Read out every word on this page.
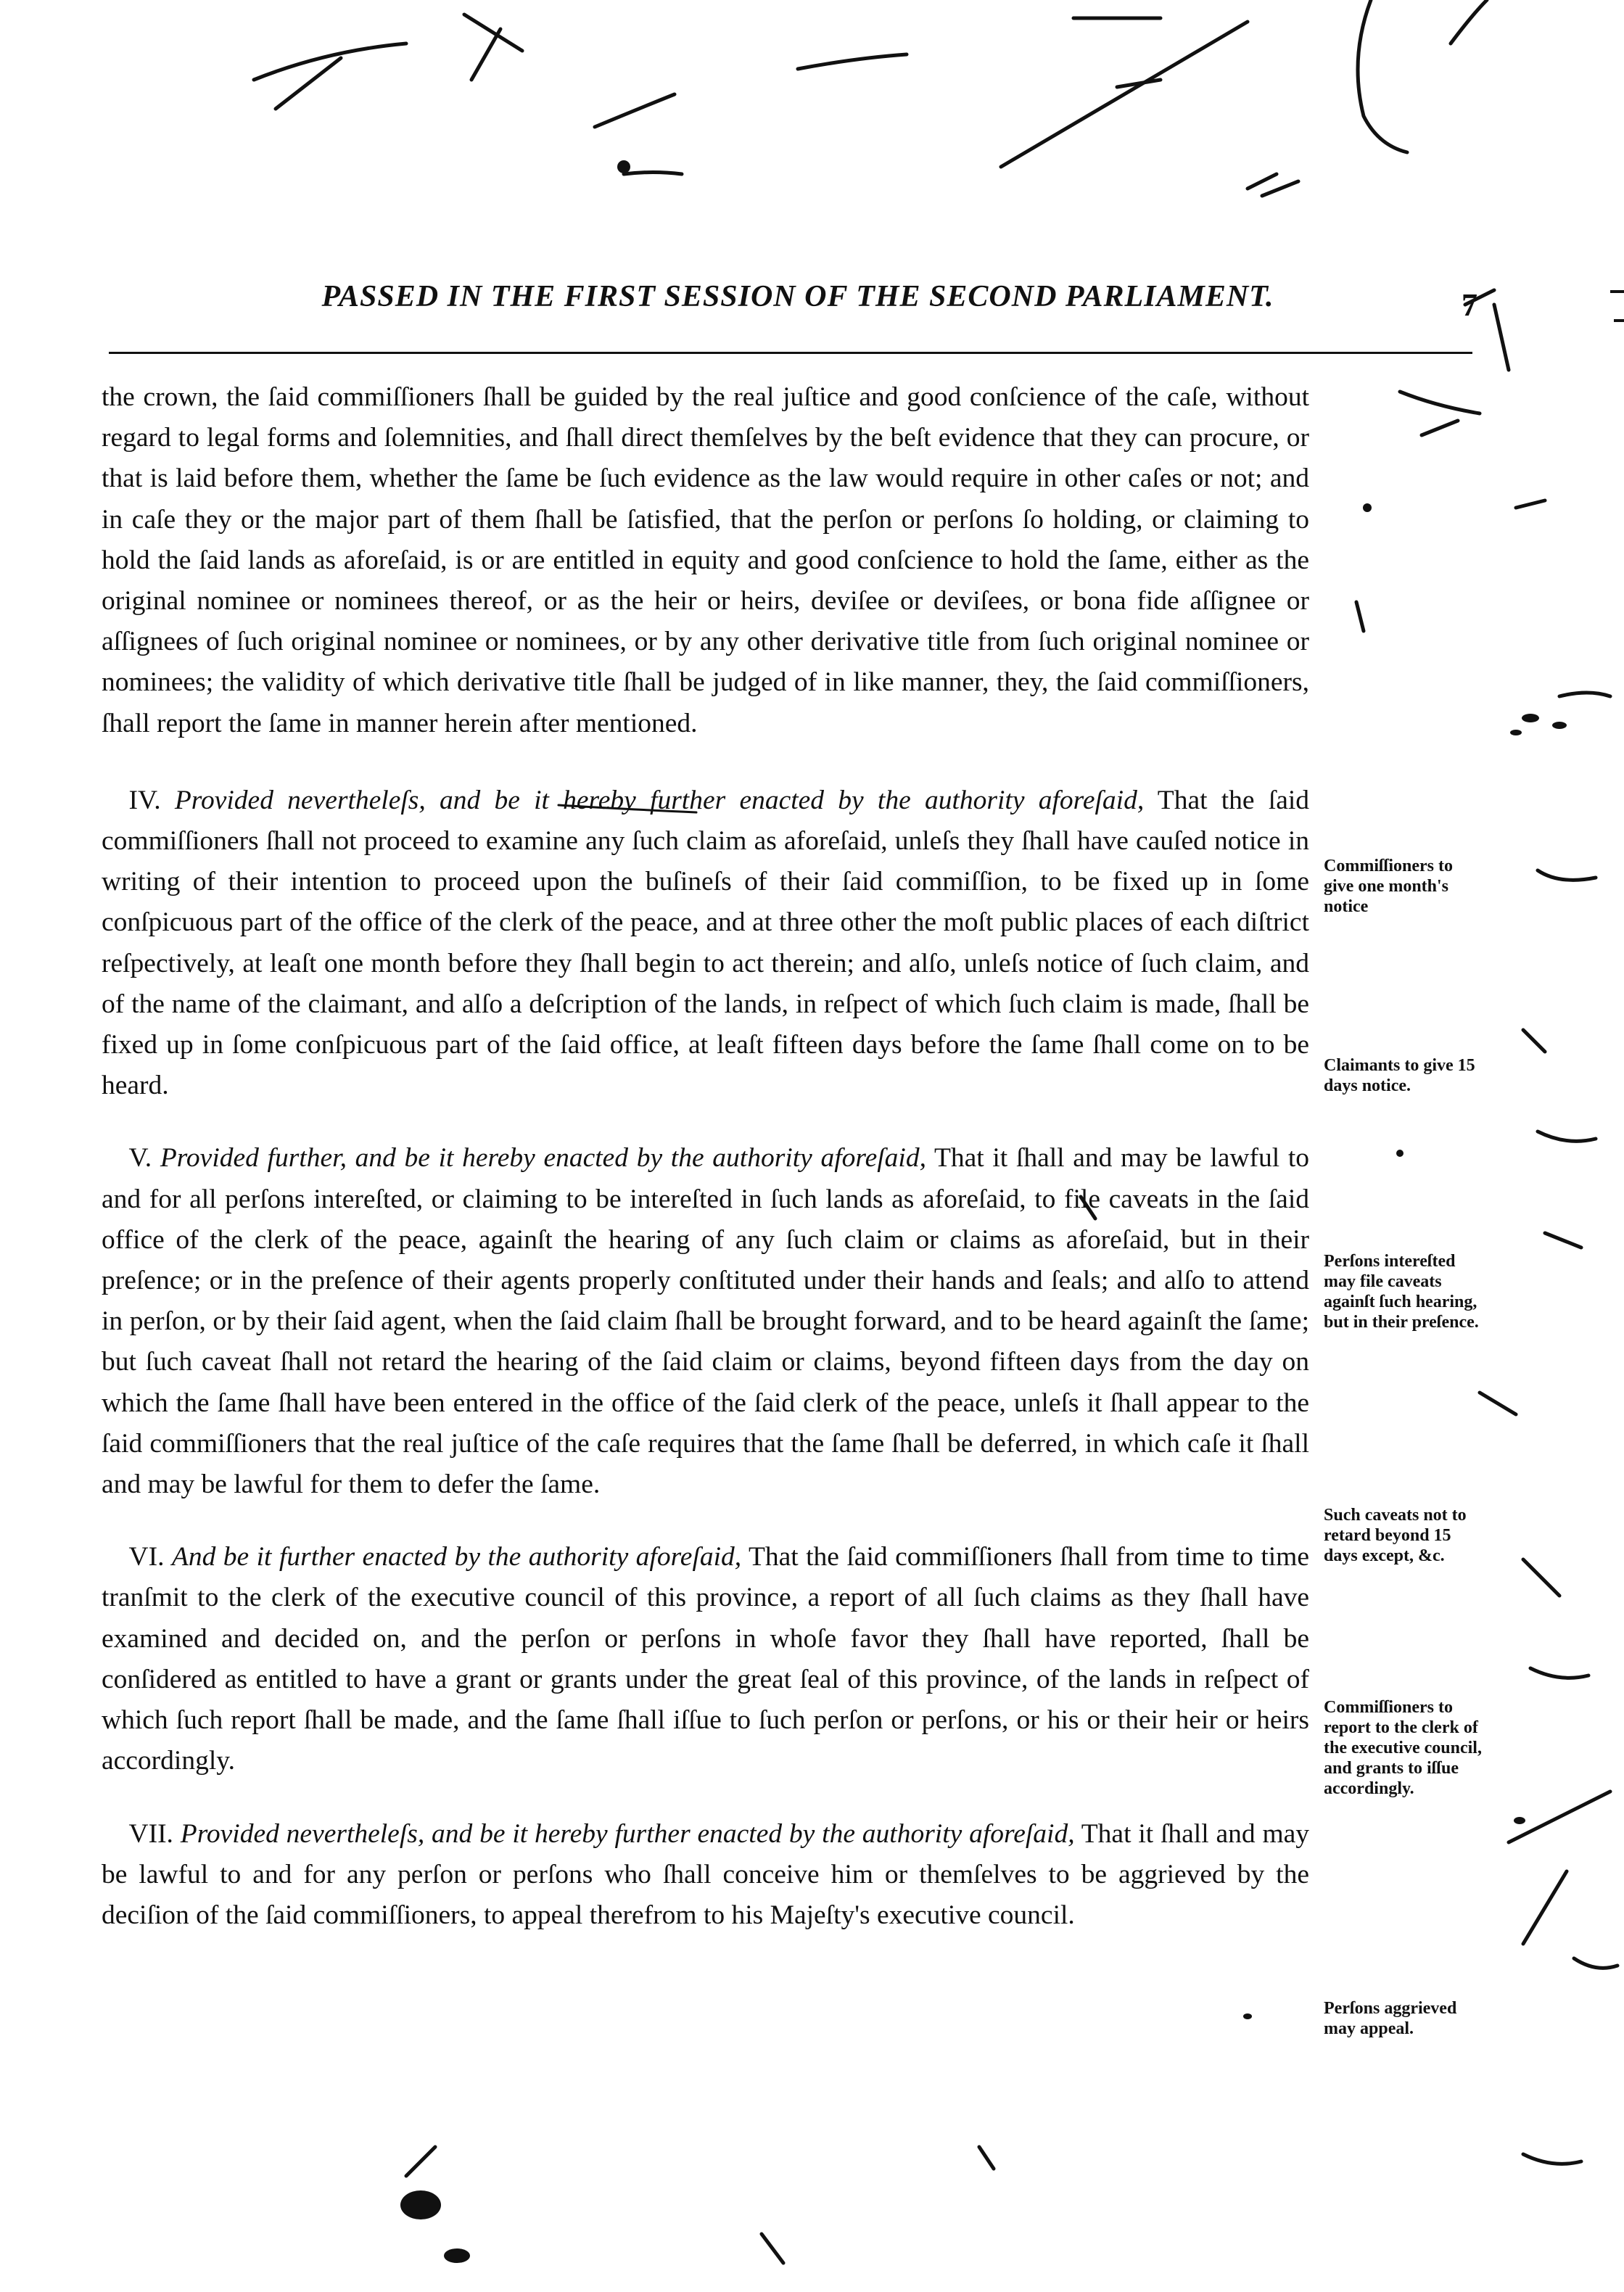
PASSED IN THE FIRST SESSION OF THE SECOND PARLIAMENT.	7

the crown, the ſaid commiſſioners ſhall be guided by the real juſtice and good conſcience of the caſe, without regard to legal forms and ſolemnities, and ſhall direct themſelves by the beſt evidence that they can procure, or that is laid before them, whether the ſame be ſuch evidence as the law would require in other caſes or not; and in caſe they or the major part of them ſhall be ſatisfied, that the perſon or perſons ſo holding, or claiming to hold the ſaid lands as aforeſaid, is or are entitled in equity and good conſcience to hold the ſame, either as the original nominee or nominees thereof, or as the heir or heirs, deviſee or deviſees, or bona fide aſſignee or aſſignees of ſuch original nominee or nominees, or by any other derivative title from ſuch original nominee or nominees; the validity of which derivative title ſhall be judged of in like manner, they, the ſaid commiſſioners, ſhall report the ſame in manner herein after mentioned.

 IV. Provided nevertheleſs, and be it hereby further enacted by the authority aforeſaid, That the ſaid commiſſioners ſhall not proceed to examine any ſuch claim as aforeſaid, unleſs they ſhall have cauſed notice in writing of their intention to proceed upon the buſineſs of their ſaid commiſſion, to be fixed up in ſome conſpicuous part of the office of the clerk of the peace, and at three other the moſt public places of each diſtrict reſpectively, at leaſt one month before they ſhall begin to act therein; and alſo, unleſs notice of ſuch claim, and of the name of the claimant, and alſo a deſcription of the lands, in reſpect of which ſuch claim is made, ſhall be fixed up in ſome conſpicuous part of the ſaid office, at leaſt fifteen days before the ſame ſhall come on to be heard.

 V. Provided further, and be it hereby enacted by the authority aforeſaid, That it ſhall and may be lawful to and for all perſons intereſted, or claiming to be intereſted in ſuch lands as aforeſaid, to file caveats in the ſaid office of the clerk of the peace, againſt the hearing of any ſuch claim or claims as aforeſaid, but in their preſence; or in the preſence of their agents properly conſtituted under their hands and ſeals; and alſo to attend in perſon, or by their ſaid agent, when the ſaid claim ſhall be brought forward, and to be heard againſt the ſame; but ſuch caveat ſhall not retard the hearing of the ſaid claim or claims, beyond fifteen days from the day on which the ſame ſhall have been entered in the office of the ſaid clerk of the peace, unleſs it ſhall appear to the ſaid commiſſioners that the real juſtice of the caſe requires that the ſame ſhall be deferred, in which caſe it ſhall and may be lawful for them to defer the ſame.

 VI. And be it further enacted by the authority aforeſaid, That the ſaid commiſſioners ſhall from time to time tranſmit to the clerk of the executive council of this province, a report of all ſuch claims as they ſhall have examined and decided on, and the perſon or perſons in whoſe favor they ſhall have reported, ſhall be conſidered as entitled to have a grant or grants under the great ſeal of this province, of the lands in reſpect of which ſuch report ſhall be made, and the ſame ſhall iſſue to ſuch perſon or perſons, or his or their heir or heirs accordingly.

 VII. Provided nevertheleſs, and be it hereby further enacted by the authority aforeſaid, That it ſhall and may be lawful to and for any perſon or perſons who ſhall conceive him or themſelves to be aggrieved by the deciſion of the ſaid commiſſioners, to appeal therefrom to his Majeſty's executive council.

Commiſſioners to give one month's notice
Claimants to give 15 days notice.
Perſons intereſted may file caveats againſt ſuch hearing, but in their preſence.
Such caveats not to retard beyond 15 days except, &c.
Commiſſioners to report to the clerk of the executive council, and grants to iſſue accordingly.
Perſons aggrieved may appeal.
